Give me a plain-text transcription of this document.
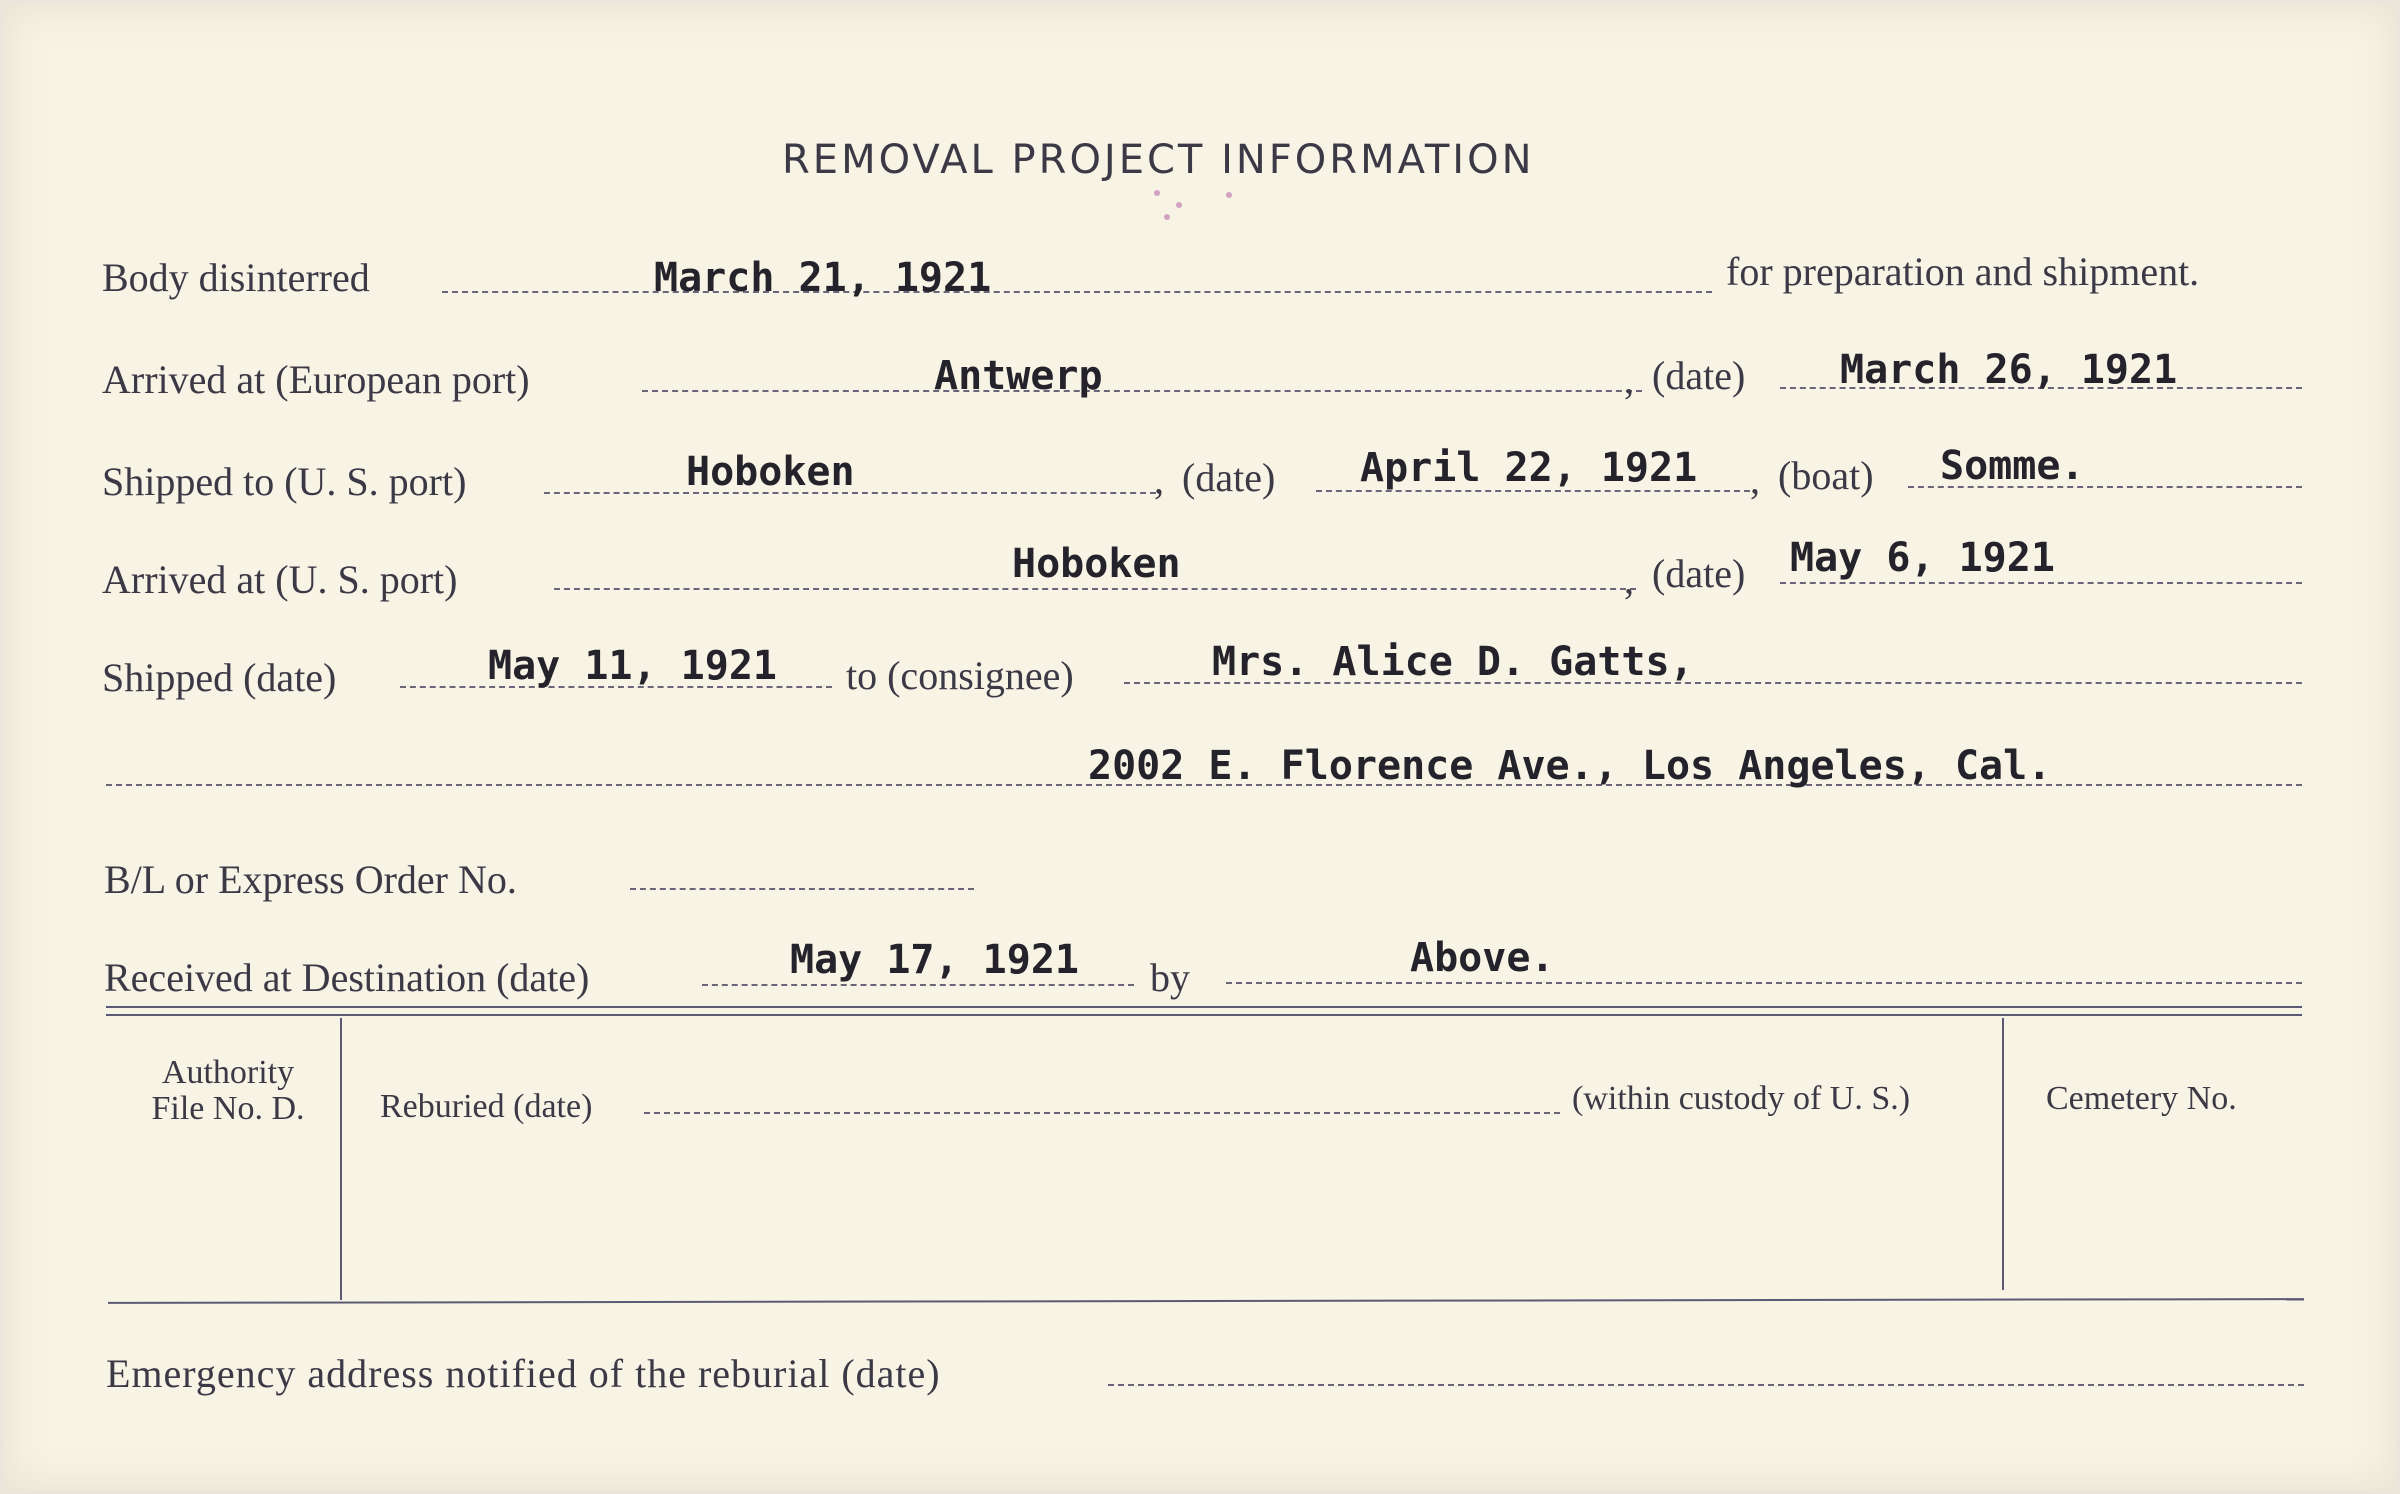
REMOVAL PROJECT INFORMATION
Body disinterred	March 21, 1921	for preparation and shipment.
Arrived at (European port)	Antwerp	, (date) March 26, 1921
Shipped to (U. S. port)	Hoboken	, (date) April 22, 1921 , (boat) Somme.
Arrived at (U. S. port)	Hoboken	, (date) May 6, 1921
Shipped (date)	May 11, 1921 to (consignee)	Mrs. Alice D. Gatts,
2002 E. Florence Ave., Los Angeles, Cal.
B/L or Express Order No.
Received at Destination (date)	May 17, 1921 by	Above.
Authority
File No. D.	Reburied (date)	(within custody of U. S.)	Cemetery No.
Emergency address notified of the reburial (date)
